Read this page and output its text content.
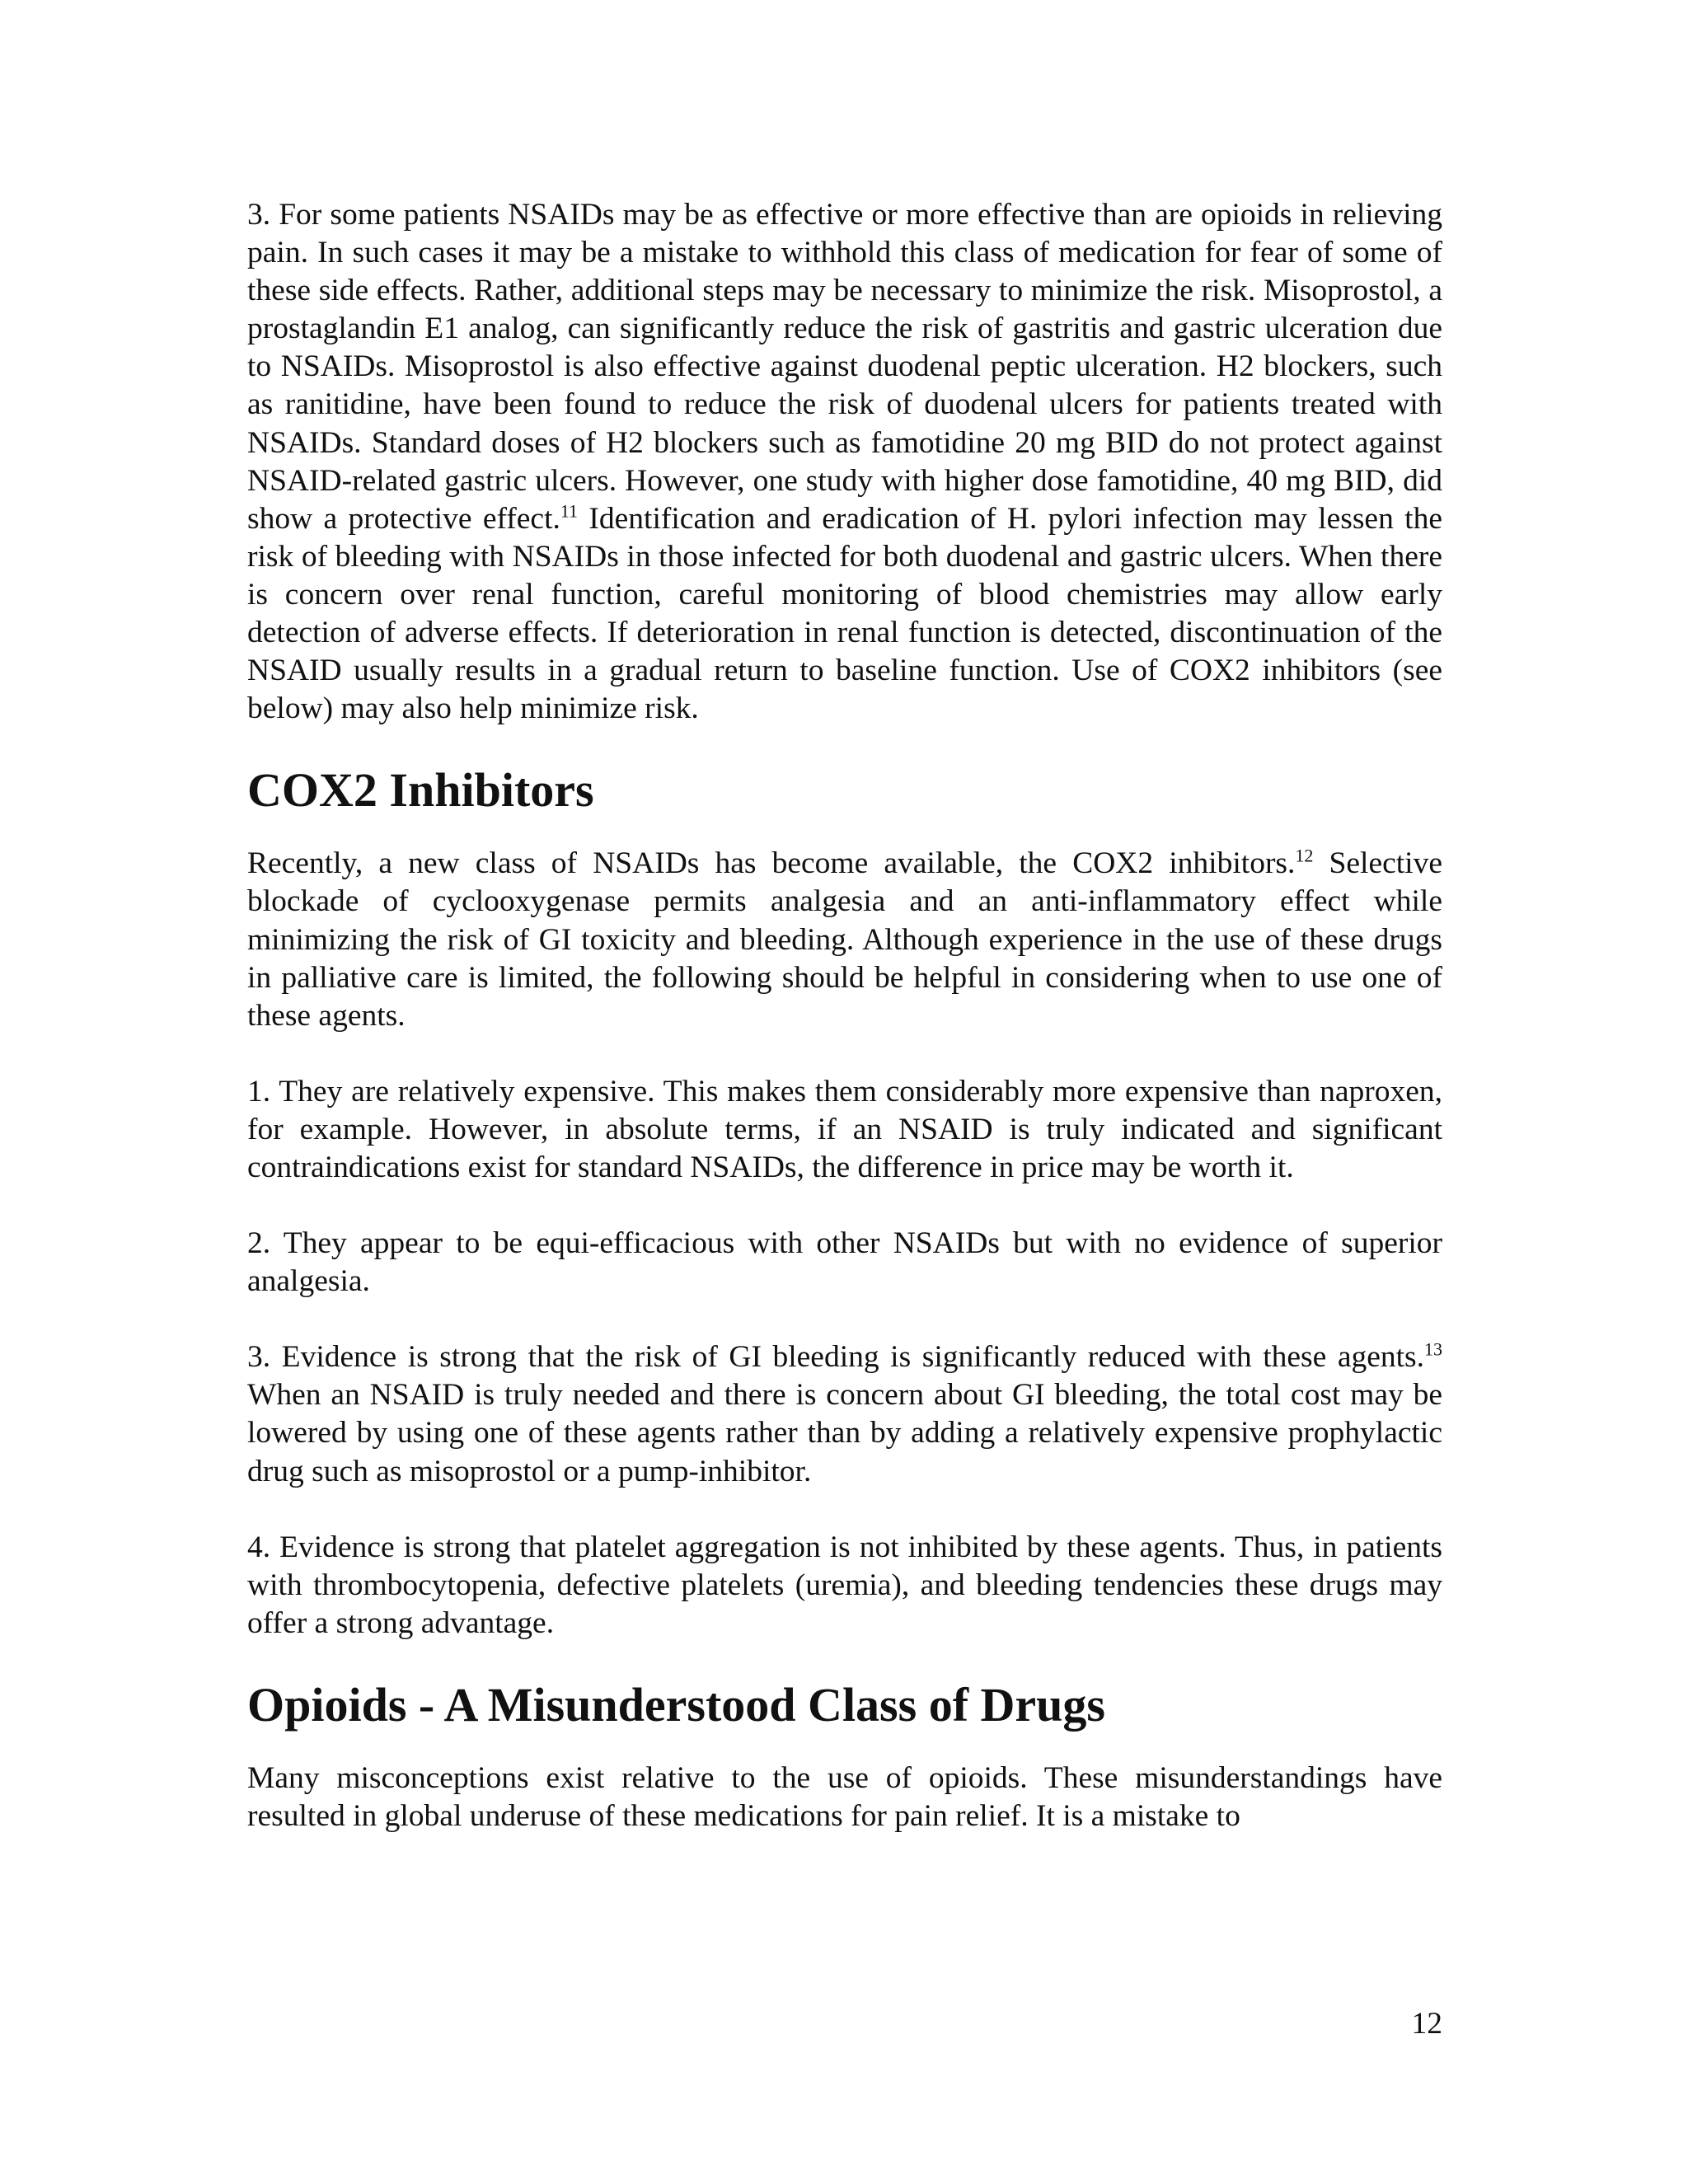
3. For some patients NSAIDs may be as effective or more effective than are opioids in relieving pain. In such cases it may be a mistake to withhold this class of medication for fear of some of these side effects. Rather, additional steps may be necessary to minimize the risk. Misoprostol, a prostaglandin E1 analog, can significantly reduce the risk of gastritis and gastric ulceration due to NSAIDs. Misoprostol is also effective against duodenal peptic ulceration. H2 blockers, such as ranitidine, have been found to reduce the risk of duodenal ulcers for patients treated with NSAIDs. Standard doses of H2 blockers such as famotidine 20 mg BID do not protect against NSAID-related gastric ulcers. However, one study with higher dose famotidine, 40 mg BID, did show a protective effect.$^{11}$ Identification and eradication of H. pylori infection may lessen the risk of bleeding with NSAIDs in those infected for both duodenal and gastric ulcers. When there is concern over renal function, careful monitoring of blood chemistries may allow early detection of adverse effects. If deterioration in renal function is detected, discontinuation of the NSAID usually results in a gradual return to baseline function. Use of COX2 inhibitors (see below) may also help minimize risk.

COX2 Inhibitors

Recently, a new class of NSAIDs has become available, the COX2 inhibitors.$^{12}$ Selective blockade of cyclooxygenase permits analgesia and an anti-inflammatory effect while minimizing the risk of GI toxicity and bleeding. Although experience in the use of these drugs in palliative care is limited, the following should be helpful in considering when to use one of these agents.

1. They are relatively expensive. This makes them considerably more expensive than naproxen, for example. However, in absolute terms, if an NSAID is truly indicated and significant contraindications exist for standard NSAIDs, the difference in price may be worth it.

2. They appear to be equi-efficacious with other NSAIDs but with no evidence of superior analgesia.

3. Evidence is strong that the risk of GI bleeding is significantly reduced with these agents.$^{13}$ When an NSAID is truly needed and there is concern about GI bleeding, the total cost may be lowered by using one of these agents rather than by adding a relatively expensive prophylactic drug such as misoprostol or a pump-inhibitor.

4. Evidence is strong that platelet aggregation is not inhibited by these agents. Thus, in patients with thrombocytopenia, defective platelets (uremia), and bleeding tendencies these drugs may offer a strong advantage.

Opioids - A Misunderstood Class of Drugs

Many misconceptions exist relative to the use of opioids. These misunderstandings have resulted in global underuse of these medications for pain relief. It is a mistake to

12
